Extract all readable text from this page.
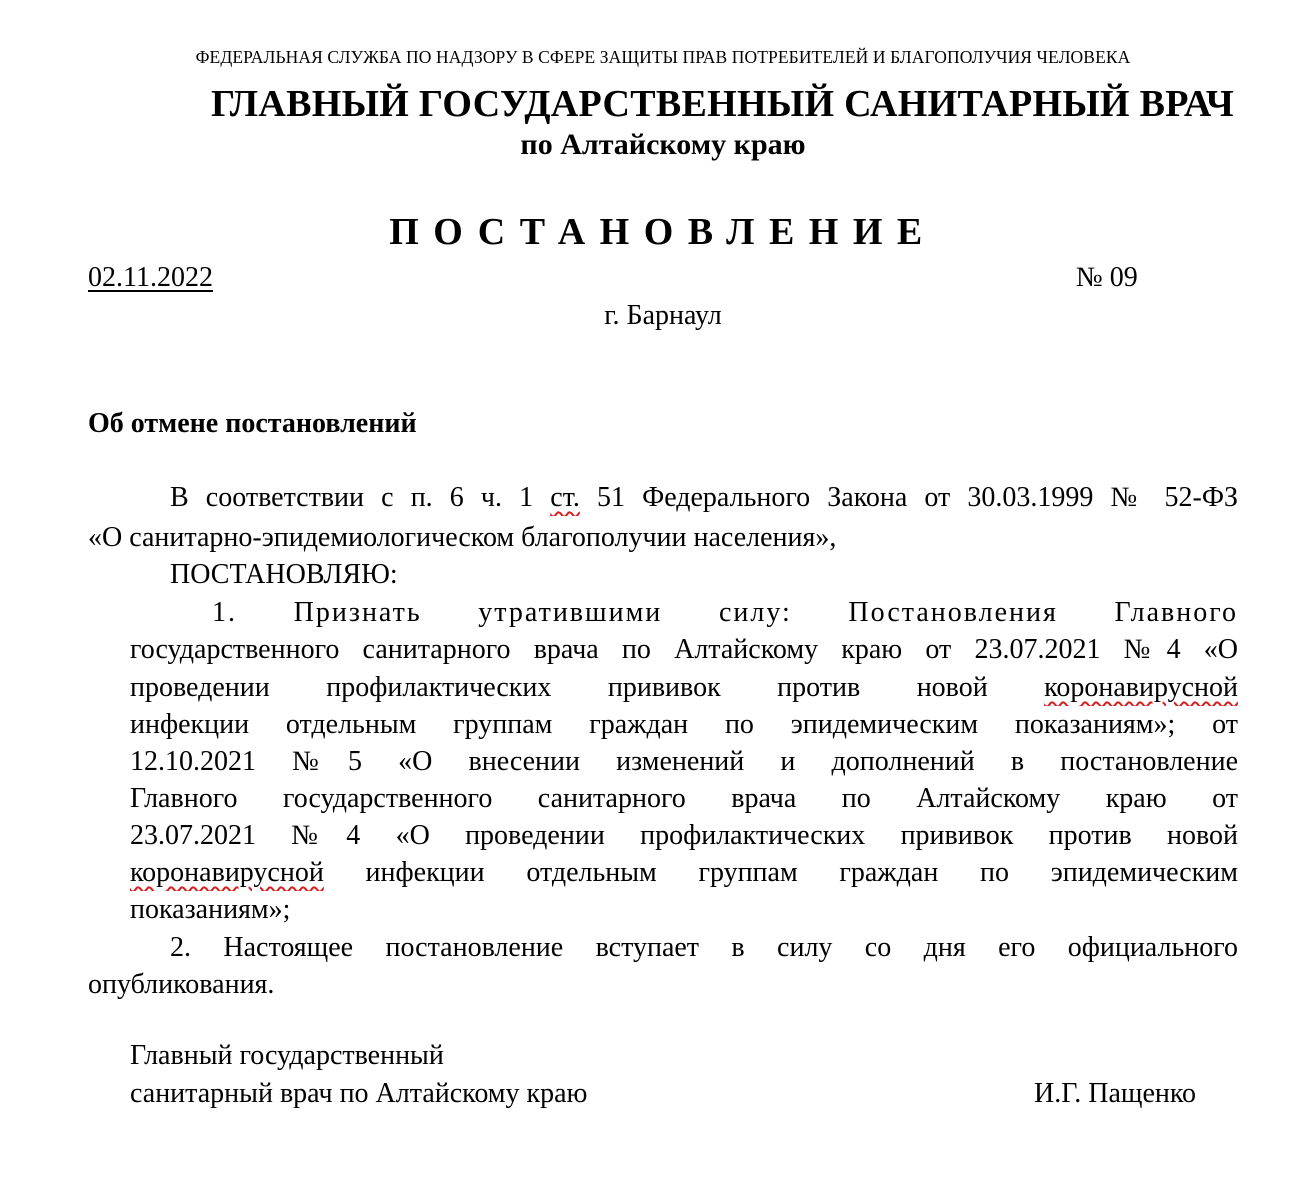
ФЕДЕРАЛЬНАЯ СЛУЖБА ПО НАДЗОРУ В СФЕРЕ ЗАЩИТЫ ПРАВ ПОТРЕБИТЕЛЕЙ И БЛАГОПОЛУЧИЯ ЧЕЛОВЕКА
ГЛАВНЫЙ ГОСУДАРСТВЕННЫЙ САНИТАРНЫЙ ВРАЧ
по Алтайскому краю
ПОСТАНОВЛЕНИЕ
02.11.2022	№ 09
г. Барнаул
Об отмене постановлений
В соответствии с п. 6 ч. 1 ст. 51 Федерального Закона от 30.03.1999 № 52-ФЗ
«О санитарно-эпидемиологическом благополучии населения»,
ПОСТАНОВЛЯЮ:
1. Признать утратившими силу: Постановления Главного
государственного санитарного врача по Алтайскому краю от 23.07.2021 №4 «О
проведении профилактических прививок против новой коронавирусной
инфекции отдельным группам граждан по эпидемическим показаниям»; от
12.10.2021 №5 «О внесении изменений и дополнений в постановление
Главного государственного санитарного врача по Алтайскому краю от
23.07.2021 №4 «О проведении профилактических прививок против новой
коронавирусной инфекции отдельным группам граждан по эпидемическим
показаниям»;
2. Настоящее постановление вступает в силу со дня его официального
опубликования.
Главный государственный
санитарный врач по Алтайскому краю	И.Г. Пащенко
